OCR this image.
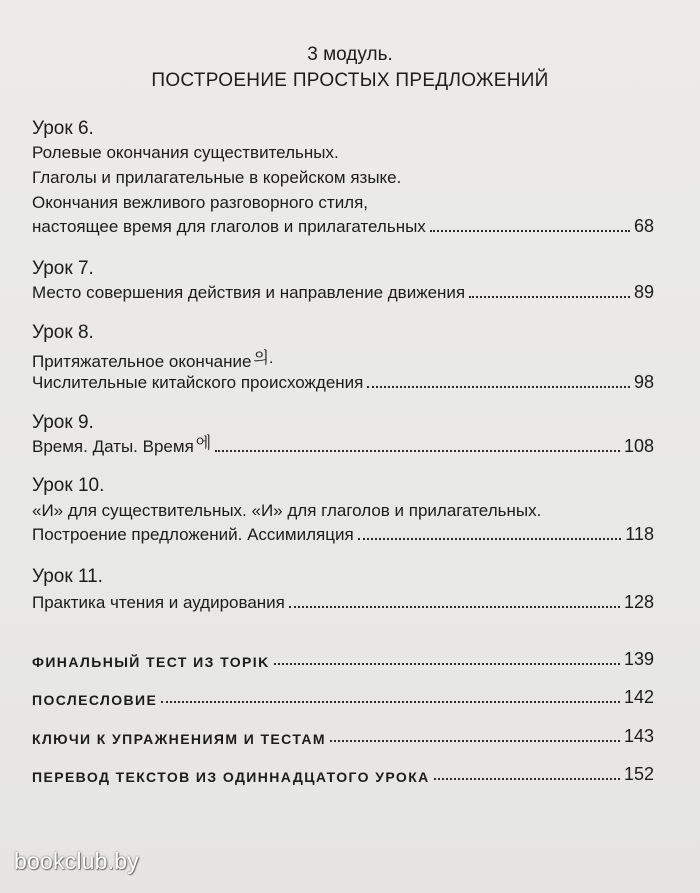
3 модуль.
ПОСТРОЕНИЕ ПРОСТЫХ ПРЕДЛОЖЕНИЙ
Урок 6.
Ролевые окончания существительных.
Глаголы и прилагательные в корейском языке.
Окончания вежливого разговорного стиля,
настоящее время для глаголов и прилагательных	68
Урок 7.
Место совершения действия и направление движения	89
Урок 8.
Притяжательное окончание 의.
Числительные китайского происхождения	98
Урок 9.
Время. Даты. Время 에	108
Урок 10.
«И» для существительных. «И» для глаголов и прилагательных.
Построение предложений. Ассимиляция	118
Урок 11.
Практика чтения и аудирования	128
ФИНАЛЬНЫЙ ТЕСТ ИЗ TOPIK	139
ПОСЛЕСЛОВИЕ	142
КЛЮЧИ К УПРАЖНЕНИЯМ И ТЕСТАМ	143
ПЕРЕВОД ТЕКСТОВ ИЗ ОДИННАДЦАТОГО УРОКА	152
bookclub.by
